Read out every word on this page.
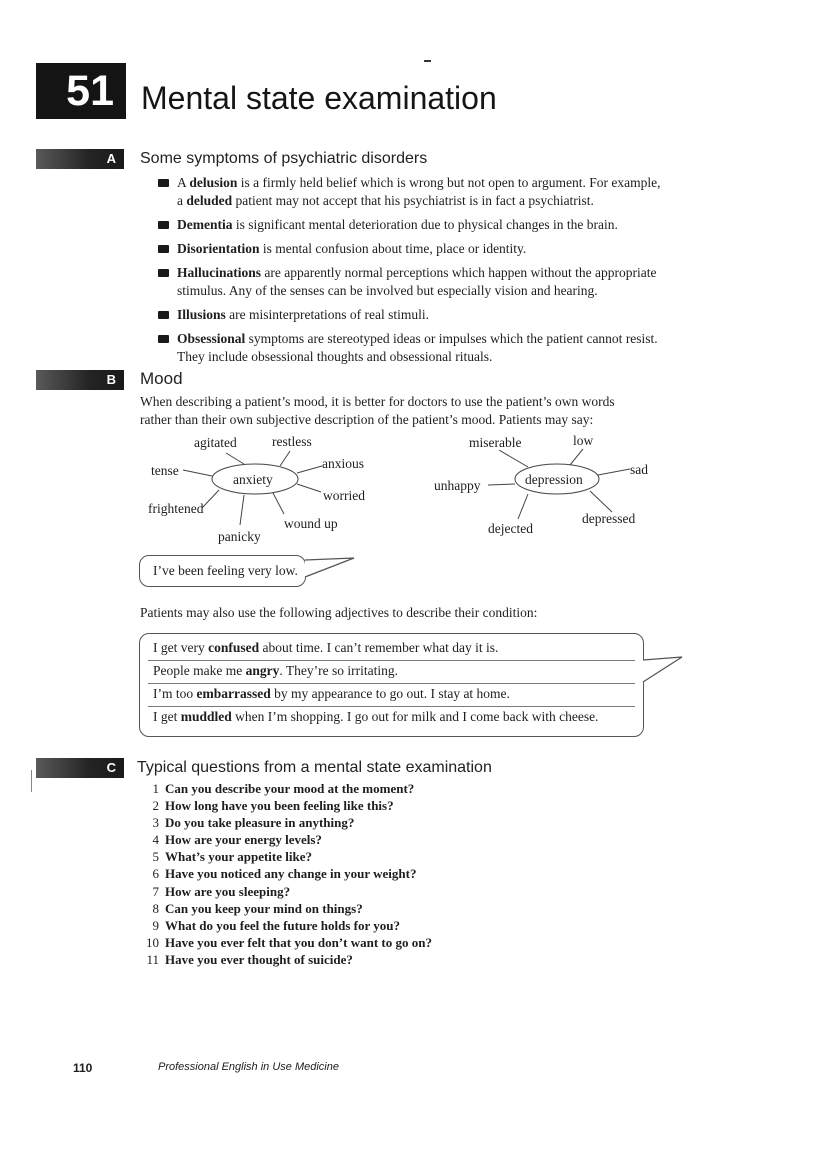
51 Mental state examination
A	Some symptoms of psychiatric disorders
A delusion is a firmly held belief which is wrong but not open to argument. For example,
a deluded patient may not accept that his psychiatrist is in fact a psychiatrist.
Dementia is significant mental deterioration due to physical changes in the brain.
Disorientation is mental confusion about time, place or identity.
Hallucinations are apparently normal perceptions which happen without the appropriate
stimulus. Any of the senses can be involved but especially vision and hearing.
Illusions are misinterpretations of real stimuli.
Obsessional symptoms are stereotyped ideas or impulses which the patient cannot resist.
They include obsessional thoughts and obsessional rituals.
B	Mood
When describing a patient’s mood, it is better for doctors to use the patient’s own words
rather than their own subjective description of the patient’s mood. Patients may say:
anxiety
agitated	restless
anxious
tense
worried
frightened
wound up
panicky
depression
miserable	low
sad
unhappy
depressed
dejected
I’ve been feeling very low.
Patients may also use the following adjectives to describe their condition:
I get very confused about time. I can’t remember what day it is.
People make me angry. They’re so irritating.
I’m too embarrassed by my appearance to go out. I stay at home.
I get muddled when I’m shopping. I go out for milk and I come back with cheese.
C	Typical questions from a mental state examination
1 Can you describe your mood at the moment?
2 How long have you been feeling like this?
3 Do you take pleasure in anything?
4 How are your energy levels?
5 What’s your appetite like?
6 Have you noticed any change in your weight?
7 How are you sleeping?
8 Can you keep your mind on things?
9 What do you feel the future holds for you?
10 Have you ever felt that you don’t want to go on?
11 Have you ever thought of suicide?
110	Professional English in Use Medicine
